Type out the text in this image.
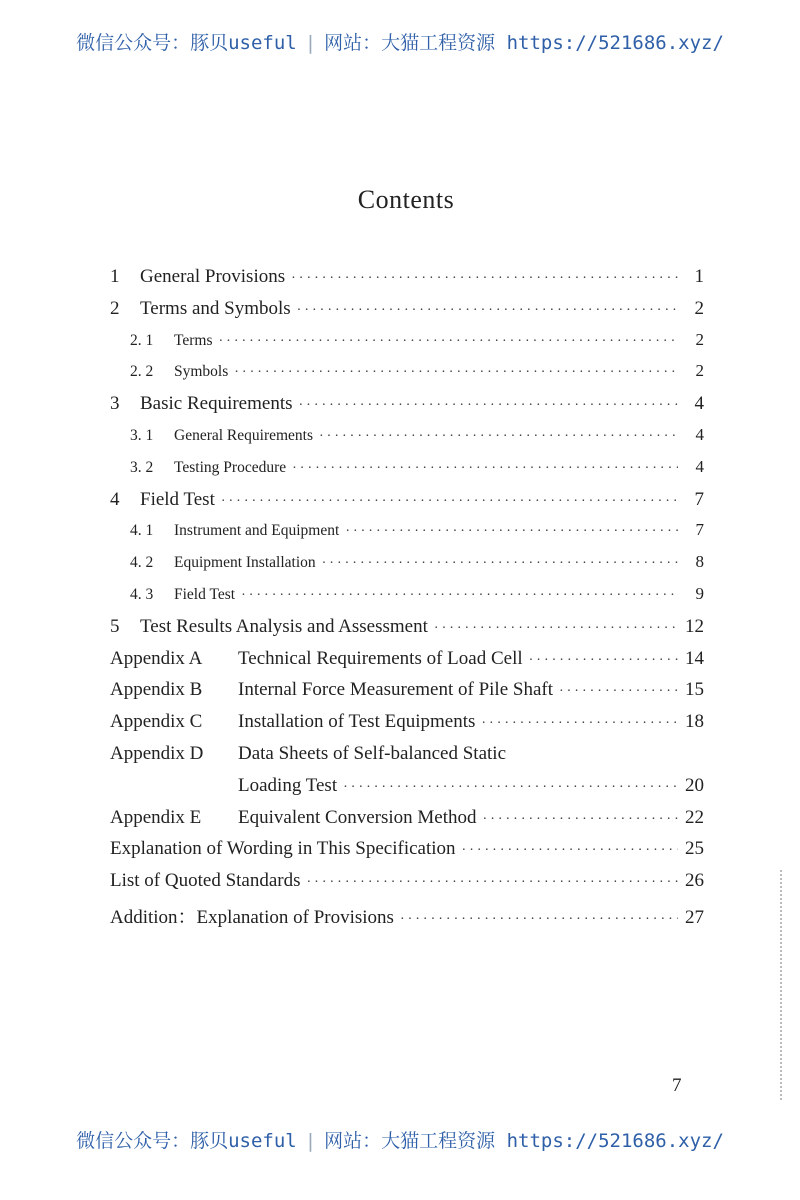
微信公众号：豚贝useful | 网站：大猫工程资源 https://521686.xyz/
Contents
1	General Provisions ·····	1
2	Terms and Symbols ·····	2
2. 1	Terms ·····	2
2. 2	Symbols ·····	2
3	Basic Requirements ·····	4
3. 1	General Requirements ·····	4
3. 2	Testing Procedure ·····	4
4	Field Test ·····	7
4. 1	Instrument and Equipment ·····	7
4. 2	Equipment Installation ·····	8
4. 3	Field Test ·····	9
5	Test Results Analysis and Assessment ·····	12
Appendix A	Technical Requirements of Load Cell ·····	14
Appendix B	Internal Force Measurement of Pile Shaft ·····	15
Appendix C	Installation of Test Equipments ·····	18
Appendix D	Data Sheets of Self-balanced Static
Loading Test ·····	20
Appendix E	Equivalent Conversion Method ·····	22
Explanation of Wording in This Specification ·····	25
List of Quoted Standards ·····	26
Addition：Explanation of Provisions ·····	27
7
微信公众号：豚贝useful | 网站：大猫工程资源 https://521686.xyz/
